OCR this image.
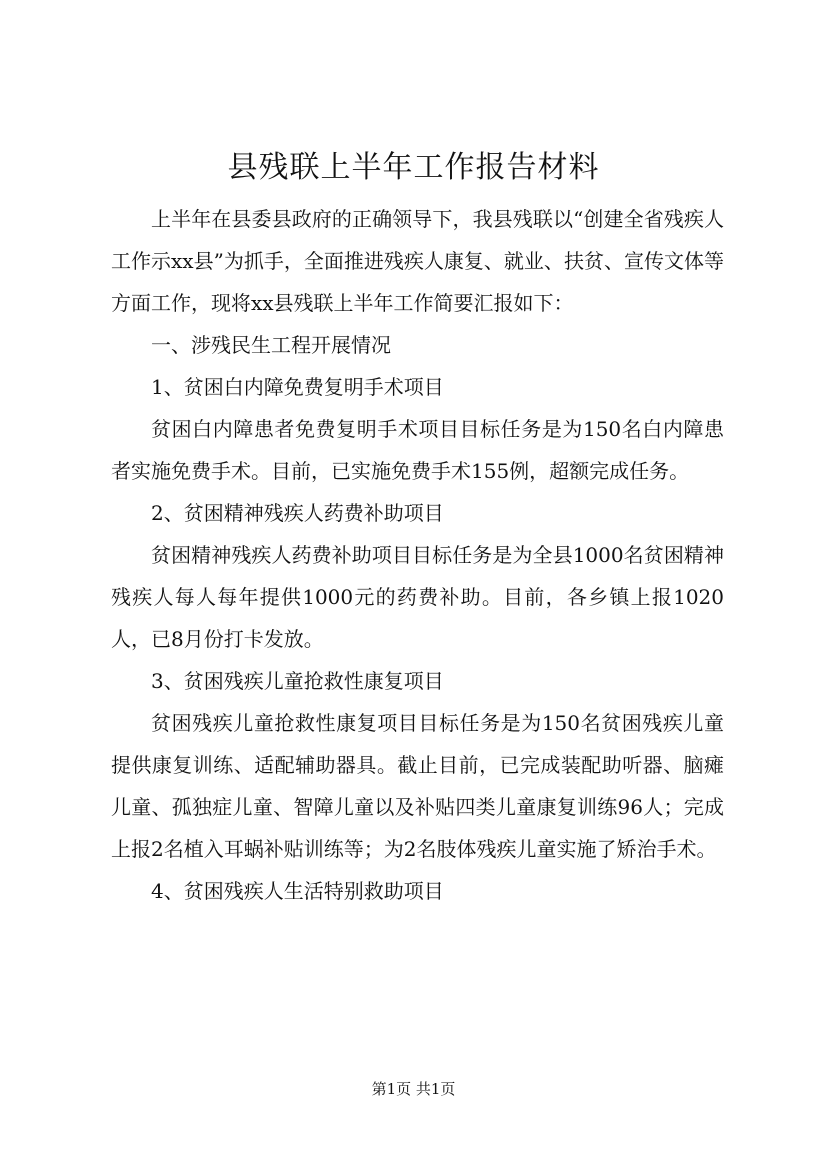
县残联上半年工作报告材料

上半年在县委县政府的正确领导下，我县残联以“创建全省残疾人工作示xx县”为抓手，全面推进残疾人康复、就业、扶贫、宣传文体等方面工作，现将xx县残联上半年工作简要汇报如下：

一、涉残民生工程开展情况

1、贫困白内障免费复明手术项目

贫困白内障患者免费复明手术项目目标任务是为150名白内障患者实施免费手术。目前，已实施免费手术155例，超额完成任务。

2、贫困精神残疾人药费补助项目

贫困精神残疾人药费补助项目目标任务是为全县1000名贫困精神残疾人每人每年提供1000元的药费补助。目前，各乡镇上报1020人，已8月份打卡发放。

3、贫困残疾儿童抢救性康复项目

贫困残疾儿童抢救性康复项目目标任务是为150名贫困残疾儿童提供康复训练、适配辅助器具。截止目前，已完成装配助听器、脑瘫儿童、孤独症儿童、智障儿童以及补贴四类儿童康复训练96人；完成上报2名植入耳蜗补贴训练等；为2名肢体残疾儿童实施了矫治手术。

4、贫困残疾人生活特别救助项目

第1页 共1页
